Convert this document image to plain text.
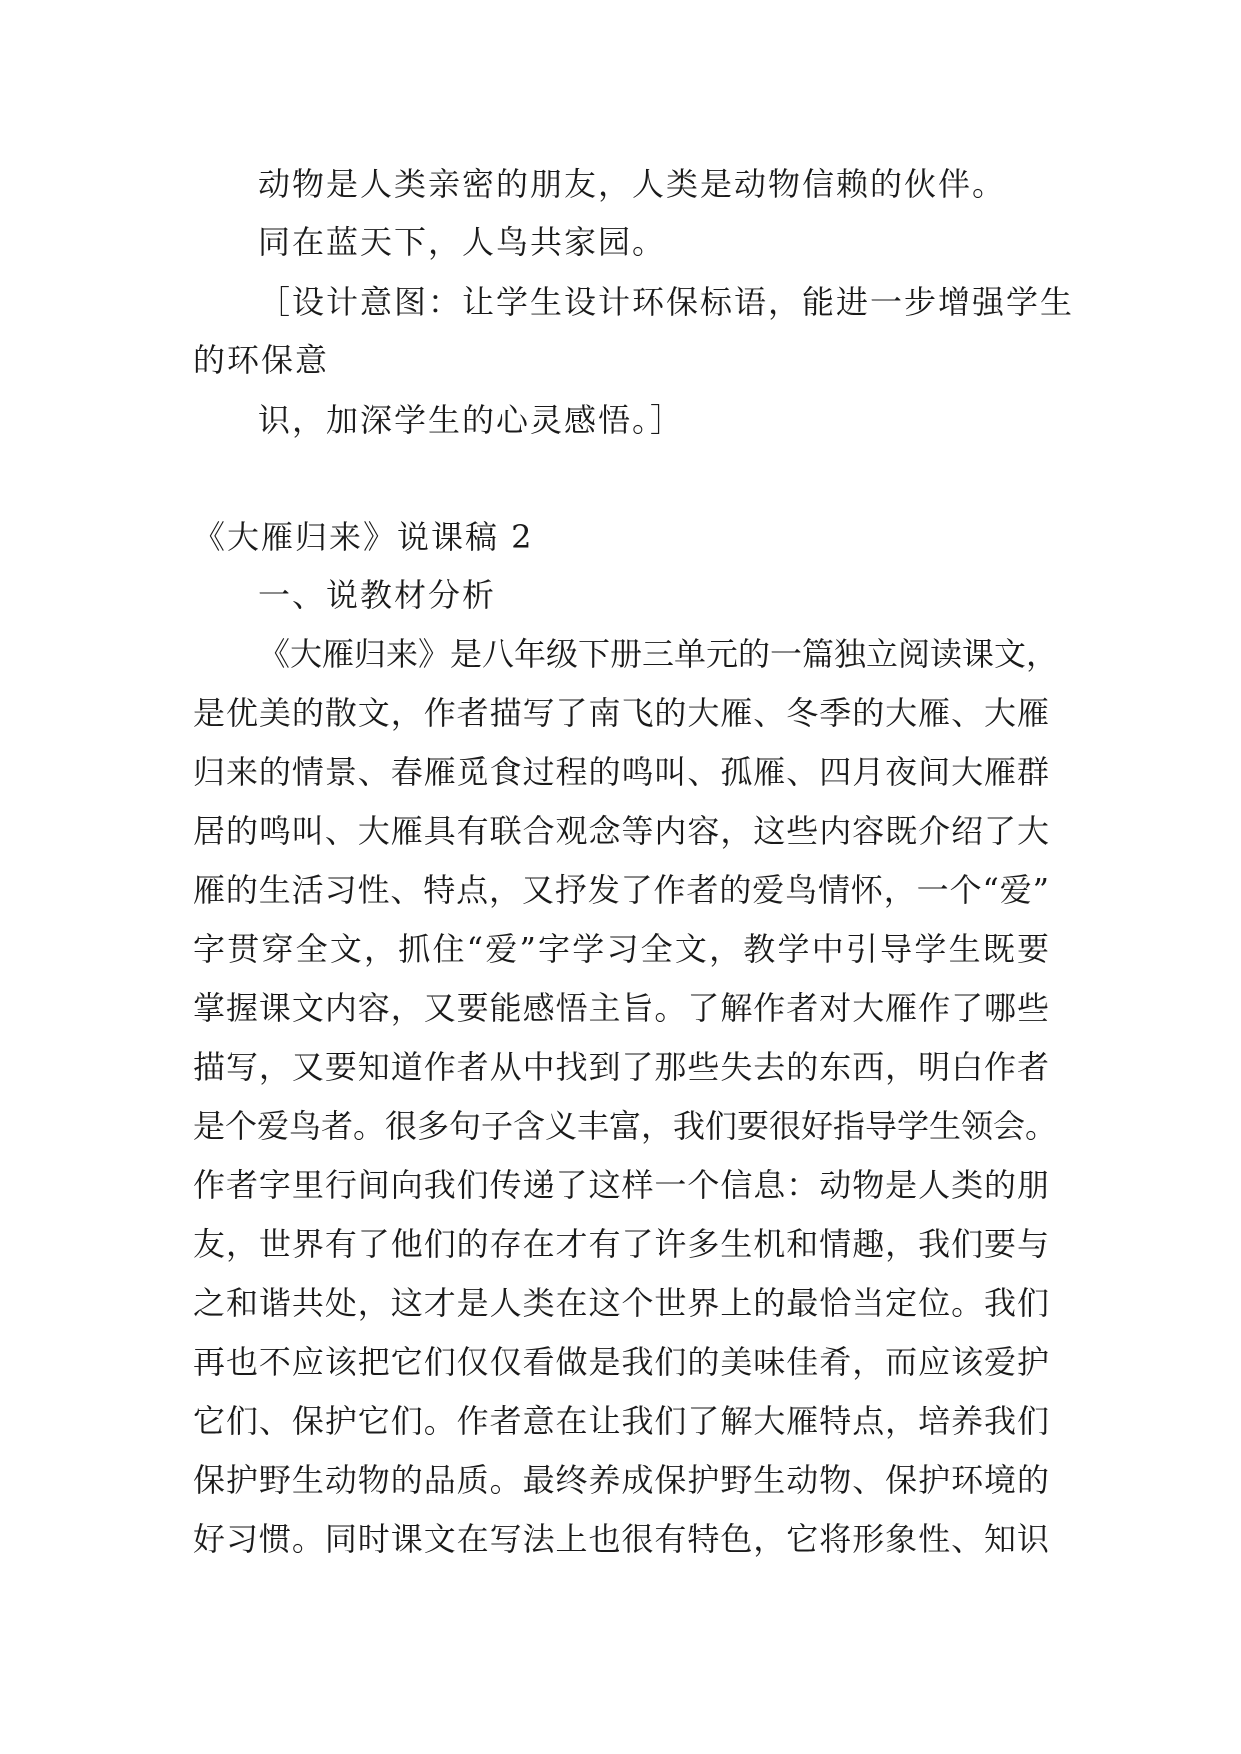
动物是人类亲密的朋友，人类是动物信赖的伙伴。
同在蓝天下，人鸟共家园。
［设计意图：让学生设计环保标语，能进一步增强学生
的环保意
识，加深学生的心灵感悟。］
《大雁归来》说课稿 2
一、说教材分析
《大雁归来》是八年级下册三单元的一篇独立阅读课文，
是优美的散文，作者描写了南飞的大雁、冬季的大雁、大雁
归来的情景、春雁觅食过程的鸣叫、孤雁、四月夜间大雁群
居的鸣叫、大雁具有联合观念等内容，这些内容既介绍了大
雁的生活习性、特点，又抒发了作者的爱鸟情怀，一个“爱”
字贯穿全文，抓住“爱”字学习全文，教学中引导学生既要
掌握课文内容，又要能感悟主旨。了解作者对大雁作了哪些
描写，又要知道作者从中找到了那些失去的东西，明白作者
是个爱鸟者。很多句子含义丰富，我们要很好指导学生领会。
作者字里行间向我们传递了这样一个信息：动物是人类的朋
友，世界有了他们的存在才有了许多生机和情趣，我们要与
之和谐共处，这才是人类在这个世界上的最恰当定位。我们
再也不应该把它们仅仅看做是我们的美味佳肴，而应该爱护
它们、保护它们。作者意在让我们了解大雁特点，培养我们
保护野生动物的品质。最终养成保护野生动物、保护环境的
好习惯。同时课文在写法上也很有特色，它将形象性、知识
